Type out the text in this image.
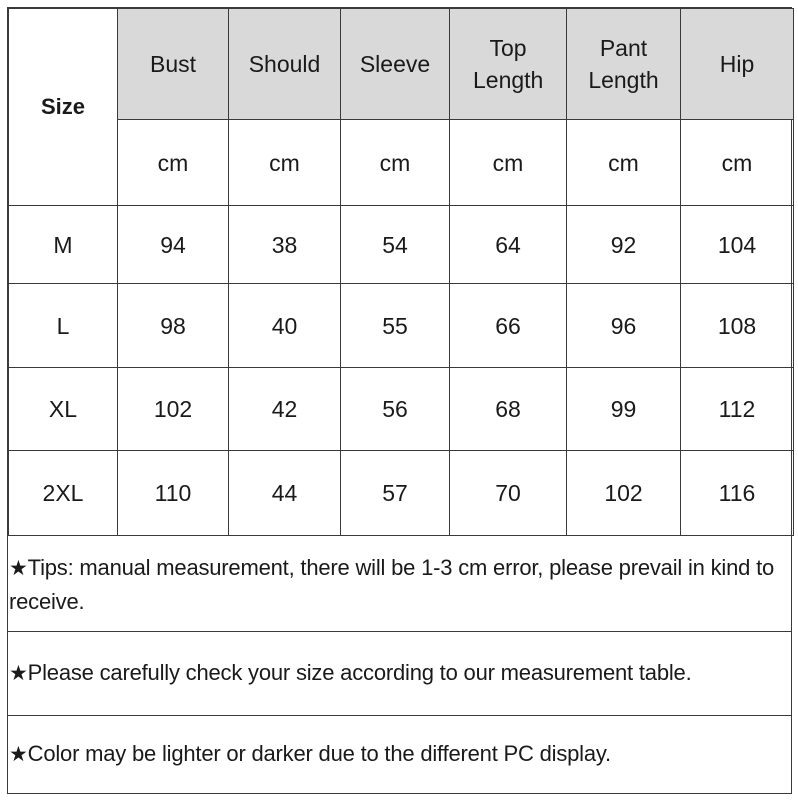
Size	Bust	Should	Sleeve	Top Length	Pant Length	Hip
	cm	cm	cm	cm	cm	cm
M	94	38	54	64	92	104
L	98	40	55	66	96	108
XL	102	42	56	68	99	112
2XL	110	44	57	70	102	116
★Tips: manual measurement, there will be 1-3 cm error, please prevail in kind to receive.
★Please carefully check your size according to our measurement table.
★Color may be lighter or darker due to the different PC display.
